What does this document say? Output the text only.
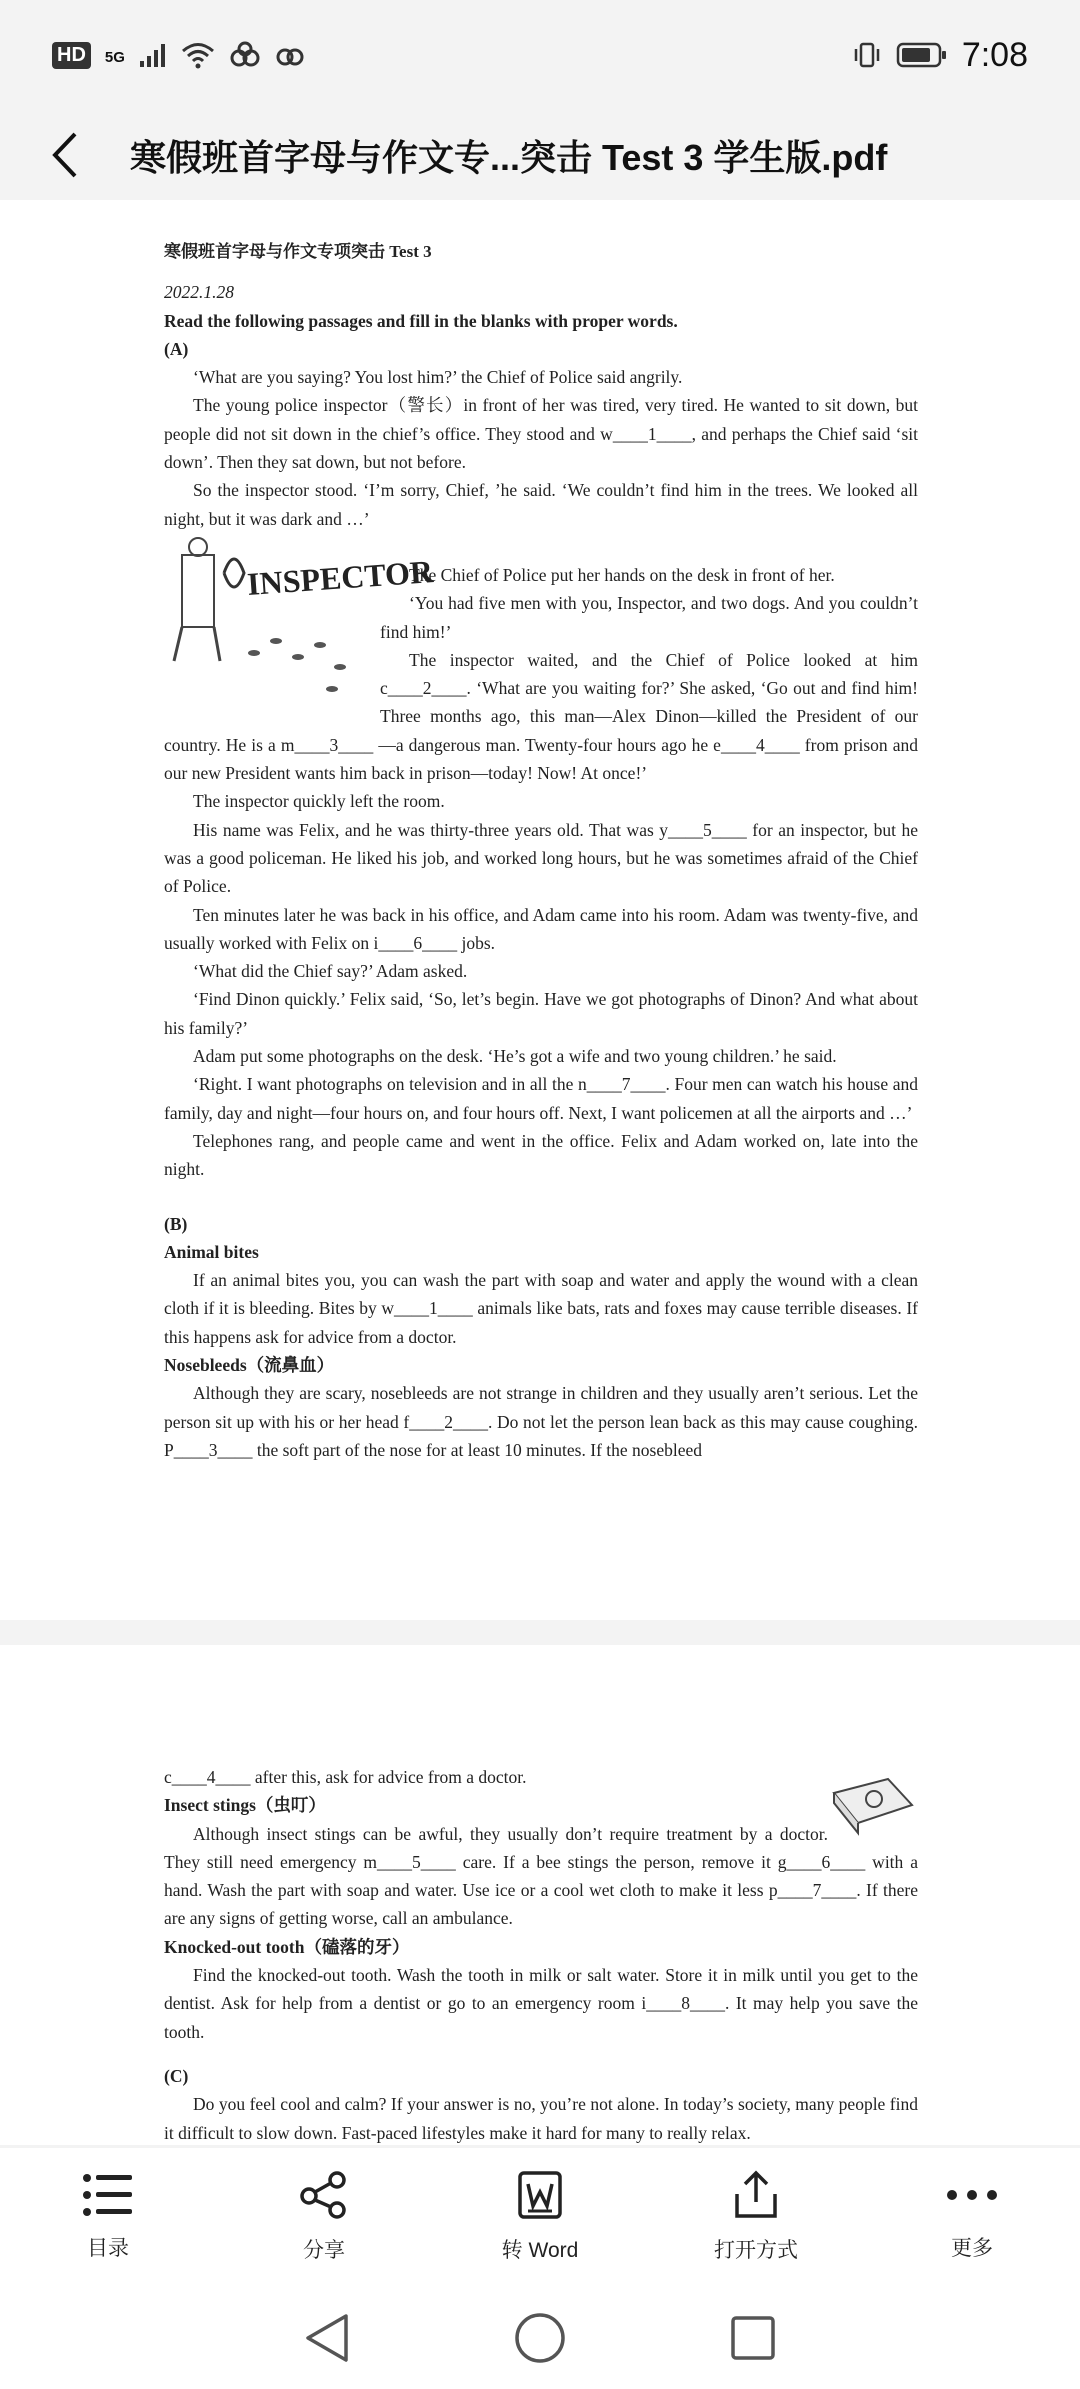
HD	5G	7:08
寒假班首字母与作文专...突击 Test 3 学生版.pdf

寒假班首字母与作文专项突击 Test 3

2022.1.28

Read the following passages and fill in the blanks with proper words.

(A)

‘What are you saying? You lost him?’ the Chief of Police said angrily.

The young police inspector（警长）in front of her was tired, very tired. He wanted to sit down, but people did not sit down in the chief’s office. They stood and w____1____, and perhaps the Chief said ‘sit down’. Then they sat down, but not before.

So the inspector stood. ‘I’m sorry, Chief, ’he said. ‘We couldn’t find him in the trees. We looked all night, but it was dark and …’

INSPECTOR

The Chief of Police put her hands on the desk in front of her.

‘You had five men with you, Inspector, and two dogs. And you couldn’t find him!’

The inspector waited, and the Chief of Police looked at him c____2____. ‘What are you waiting for?’ She asked, ‘Go out and find him! Three months ago, this man—Alex Dinon—killed the President of our country. He is a m____3____ —a dangerous man. Twenty-four hours ago he e____4____ from prison and our new President wants him back in prison—today! Now! At once!’

The inspector quickly left the room.

His name was Felix, and he was thirty-three years old. That was y____5____ for an inspector, but he was a good policeman. He liked his job, and worked long hours, but he was sometimes afraid of the Chief of Police.

Ten minutes later he was back in his office, and Adam came into his room. Adam was twenty-five, and usually worked with Felix on i____6____ jobs.

‘What did the Chief say?’ Adam asked.

‘Find Dinon quickly.’ Felix said, ‘So, let’s begin. Have we got photographs of Dinon? And what about his family?’

Adam put some photographs on the desk. ‘He’s got a wife and two young children.’ he said.

‘Right. I want photographs on television and in all the n____7____. Four men can watch his house and family, day and night—four hours on, and four hours off. Next, I want policemen at all the airports and …’

Telephones rang, and people came and went in the office. Felix and Adam worked on, late into the night.

(B)

Animal bites

If an animal bites you, you can wash the part with soap and water and apply the wound with a clean cloth if it is bleeding. Bites by w____1____ animals like bats, rats and foxes may cause terrible diseases. If this happens ask for advice from a doctor.

Nosebleeds（流鼻血）

Although they are scary, nosebleeds are not strange in children and they usually aren’t serious. Let the person sit up with his or her head f____2____. Do not let the person lean back as this may cause coughing. P____3____ the soft part of the nose for at least 10 minutes. If the nosebleed

c____4____ after this, ask for advice from a doctor.

Insect stings（虫叮）

Although insect stings can be awful, they usually don’t require treatment by a doctor. They still need emergency m____5____ care. If a bee stings the person, remove it g____6____ with a hand. Wash the part with soap and water. Use ice or a cool wet cloth to make it less p____7____. If there are any signs of getting worse, call an ambulance.

Knocked-out tooth（磕落的牙）

Find the knocked-out tooth. Wash the tooth in milk or salt water. Store it in milk until you get to the dentist. Ask for help from a dentist or go to an emergency room i____8____. It may help you save the tooth.

(C)

Do you feel cool and calm? If your answer is no, you’re not alone. In today’s society, many people find it difficult to slow down. Fast-paced lifestyles make it hard for many to really relax.

目录	分享	转 Word	打开方式	更多
